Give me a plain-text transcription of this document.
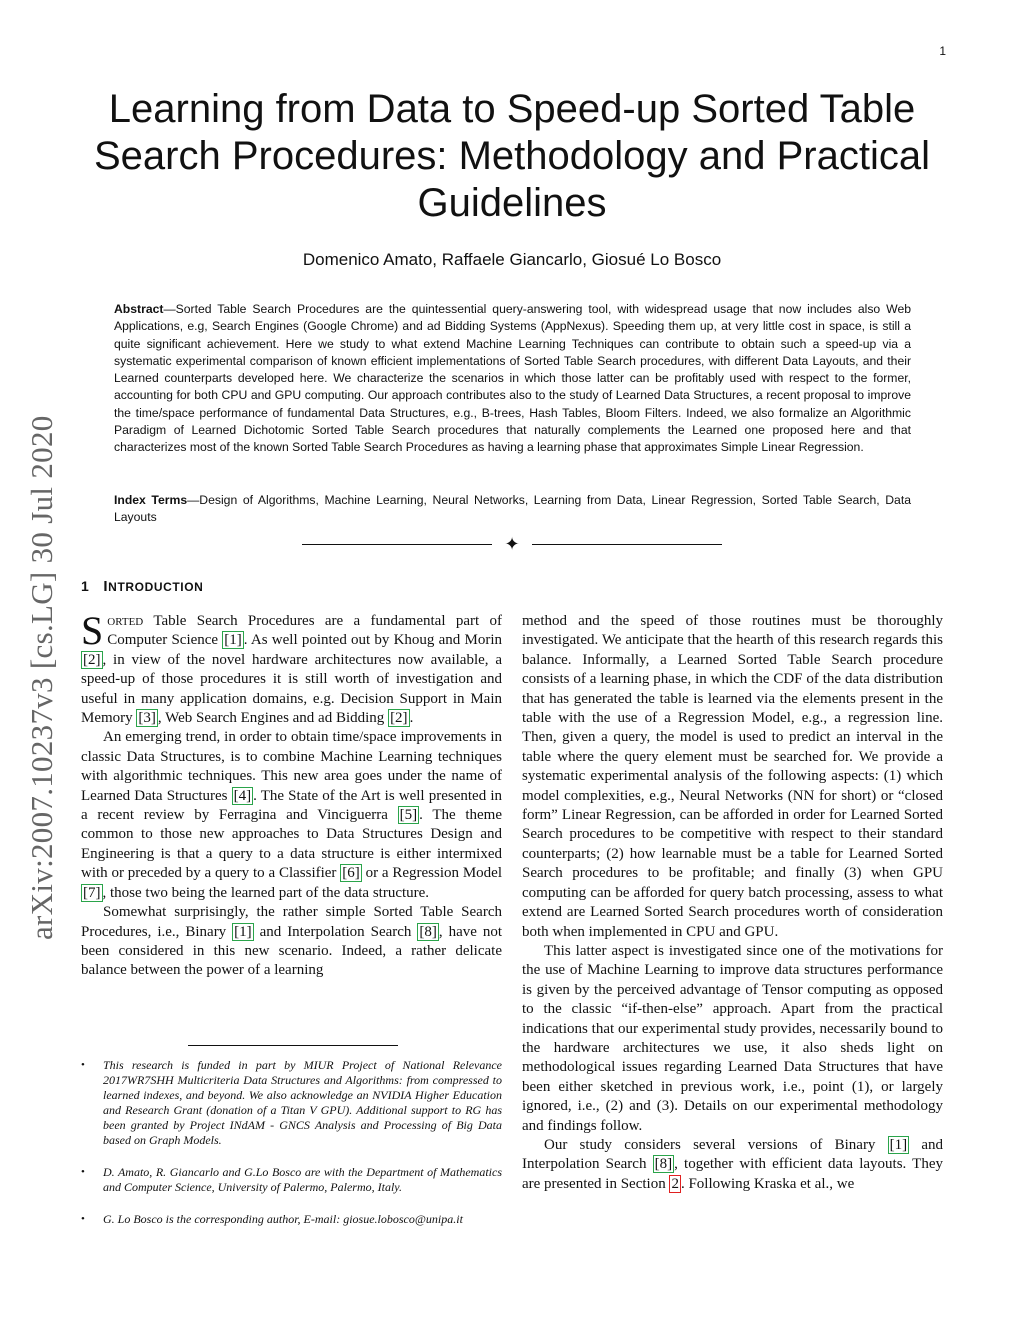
1
arXiv:2007.10237v3 [cs.LG] 30 Jul 2020
Learning from Data to Speed-up Sorted Table Search Procedures: Methodology and Practical Guidelines
Domenico Amato, Raffaele Giancarlo, Giosué Lo Bosco

Abstract—Sorted Table Search Procedures are the quintessential query-answering tool, with widespread usage that now includes also Web Applications, e.g, Search Engines (Google Chrome) and ad Bidding Systems (AppNexus). Speeding them up, at very little cost in space, is still a quite significant achievement. Here we study to what extend Machine Learning Techniques can contribute to obtain such a speed-up via a systematic experimental comparison of known efficient implementations of Sorted Table Search procedures, with different Data Layouts, and their Learned counterparts developed here. We characterize the scenarios in which those latter can be profitably used with respect to the former, accounting for both CPU and GPU computing. Our approach contributes also to the study of Learned Data Structures, a recent proposal to improve the time/space performance of fundamental Data Structures, e.g., B-trees, Hash Tables, Bloom Filters. Indeed, we also formalize an Algorithmic Paradigm of Learned Dichotomic Sorted Table Search procedures that naturally complements the Learned one proposed here and that characterizes most of the known Sorted Table Search Procedures as having a learning phase that approximates Simple Linear Regression.

Index Terms—Design of Algorithms, Machine Learning, Neural Networks, Learning from Data, Linear Regression, Sorted Table Search, Data Layouts

✦
1 INTRODUCTION

Sorted Table Search Procedures are a fundamental part of Computer Science [1] . As well pointed out by Khoug and Morin [2] , in view of the novel hardware architectures now available, a speed-up of those procedures it is still worth of investigation and useful in many application domains, e.g. Decision Support in Main Memory [3] , Web Search Engines and ad Bidding [2] .

An emerging trend, in order to obtain time/space improvements in classic Data Structures, is to combine Machine Learning techniques with algorithmic techniques. This new area goes under the name of Learned Data Structures [4] . The State of the Art is well presented in a recent review by Ferragina and Vinciguerra [5] . The theme common to those new approaches to Data Structures Design and Engineering is that a query to a data structure is either intermixed with or preceded by a query to a Classifier [6] or a Regression Model [7] , those two being the learned part of the data structure.

Somewhat surprisingly, the rather simple Sorted Table Search Procedures, i.e., Binary [1] and Interpolation Search [8] , have not been considered in this new scenario. Indeed, a rather delicate balance between the power of a learning

• This research is funded in part by MIUR Project of National Relevance 2017WR7SHH Multicriteria Data Structures and Algorithms: from compressed to learned indexes, and beyond. We also acknowledge an NVIDIA Higher Education and Research Grant (donation of a Titan V GPU). Additional support to RG has been granted by Project INdAM - GNCS Analysis and Processing of Big Data based on Graph Models.
• D. Amato, R. Giancarlo and G.Lo Bosco are with the Department of Mathematics and Computer Science, University of Palermo, Palermo, Italy.
• G. Lo Bosco is the corresponding author, E-mail: giosue.lobosco@unipa.it

method and the speed of those routines must be thoroughly investigated. We anticipate that the hearth of this research regards this balance. Informally, a Learned Sorted Table Search procedure consists of a learning phase, in which the CDF of the data distribution that has generated the table is learned via the elements present in the table with the use of a Regression Model, e.g., a regression line. Then, given a query, the model is used to predict an interval in the table where the query element must be searched for. We provide a systematic experimental analysis of the following aspects: (1) which model complexities, e.g., Neural Networks (NN for short) or “closed form” Linear Regression, can be afforded in order for Learned Sorted Search procedures to be competitive with respect to their standard counterparts; (2) how learnable must be a table for Learned Sorted Search procedures to be profitable; and finally (3) when GPU computing can be afforded for query batch processing, assess to what extend are Learned Sorted Search procedures worth of consideration both when implemented in CPU and GPU.

This latter aspect is investigated since one of the motivations for the use of Machine Learning to improve data structures performance is given by the perceived advantage of Tensor computing as opposed to the classic “if-then-else” approach. Apart from the practical indications that our experimental study provides, necessarily bound to the hardware architectures we use, it also sheds light on methodological issues regarding Learned Data Structures that have been either sketched in previous work, i.e., point (1), or largely ignored, i.e., (2) and (3). Details on our experimental methodology and findings follow.

Our study considers several versions of Binary [1] and Interpolation Search [8] , together with efficient data layouts. They are presented in Section 2 . Following Kraska et al., we
